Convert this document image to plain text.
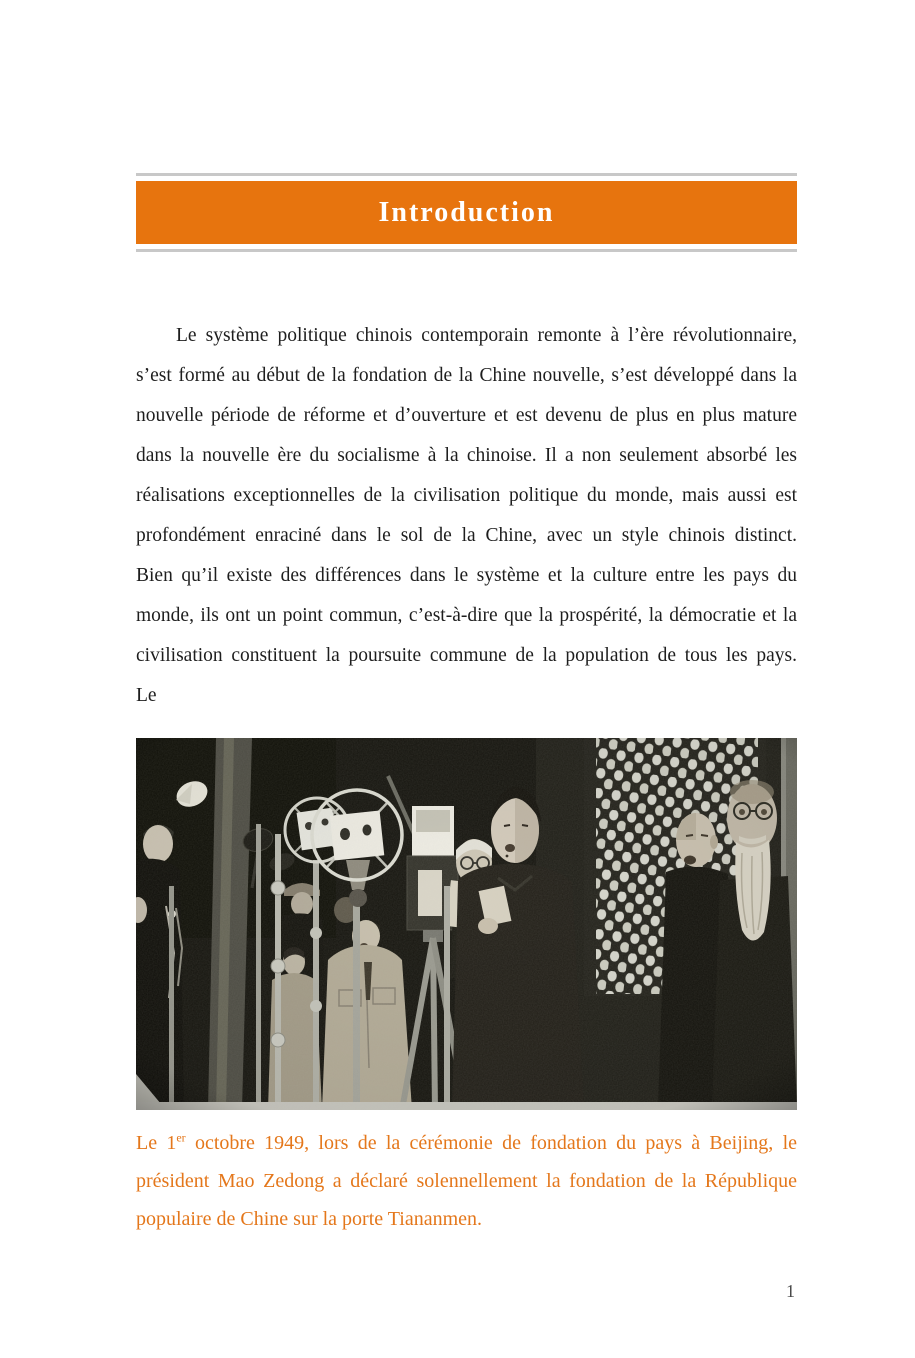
Introduction

Le système politique chinois contemporain remonte à l’ère révolutionnaire, s’est formé au début de la fondation de la Chine nouvelle, s’est développé dans la nouvelle période de réforme et d’ouverture et est devenu de plus en plus mature dans la nouvelle ère du socialisme à la chinoise. Il a non seulement absorbé les réalisations exceptionnelles de la civilisation politique du monde, mais aussi est profondément enraciné dans le sol de la Chine, avec un style chinois distinct. Bien qu’il existe des différences dans le système et la culture entre les pays du monde, ils ont un point commun, c’est-à-dire que la prospérité, la démocratie et la civilisation constituent la poursuite commune de la population de tous les pays. Le

Le 1er octobre 1949, lors de la cérémonie de fondation du pays à Beijing, le président Mao Zedong a déclaré solennellement la fondation de la République populaire de Chine sur la porte Tiananmen.

1
